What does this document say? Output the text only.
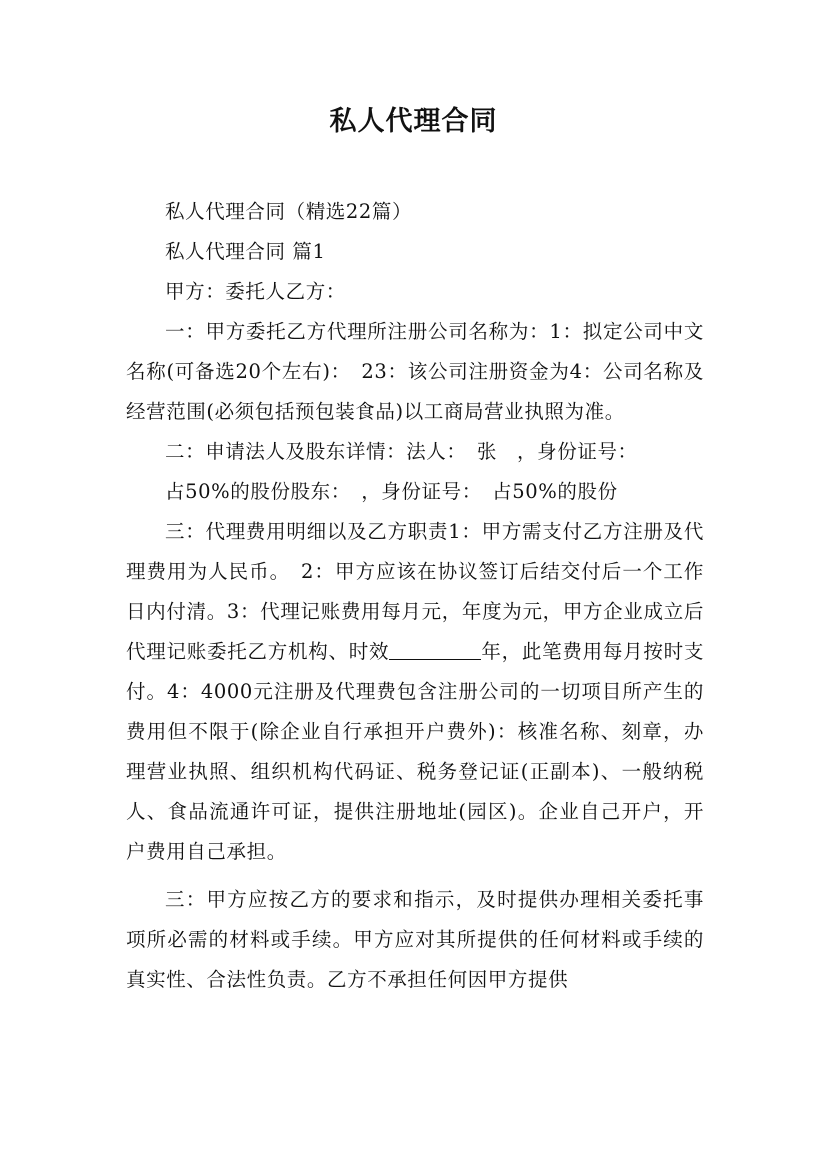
私人代理合同

私人代理合同（精选22篇）

私人代理合同 篇1

甲方：委托人乙方：

一：甲方委托乙方代理所注册公司名称为：1：拟定公司中文名称(可备选20个左右)：　23：该公司注册资金为4：公司名称及经营范围(必须包括预包装食品)以工商局营业执照为准。

二：申请法人及股东详情：法人：　张　，身份证号：

占50%的股份股东：　，身份证号：　占50%的股份

三：代理费用明细以及乙方职责1：甲方需支付乙方注册及代理费用为人民币。　2：甲方应该在协议签订后结交付后一个工作日内付清。3：代理记账费用每月元，年度为元，甲方企业成立后代理记账委托乙方机构、时效	年，此笔费用每月按时支付。4：4000元注册及代理费包含注册公司的一切项目所产生的费用但不限于(除企业自行承担开户费外)：核准名称、刻章，办理营业执照、组织机构代码证、税务登记证(正副本)、一般纳税人、食品流通许可证，提供注册地址(园区)。企业自己开户，开户费用自己承担。

三：甲方应按乙方的要求和指示，及时提供办理相关委托事项所必需的材料或手续。甲方应对其所提供的任何材料或手续的真实性、合法性负责。乙方不承担任何因甲方提供
